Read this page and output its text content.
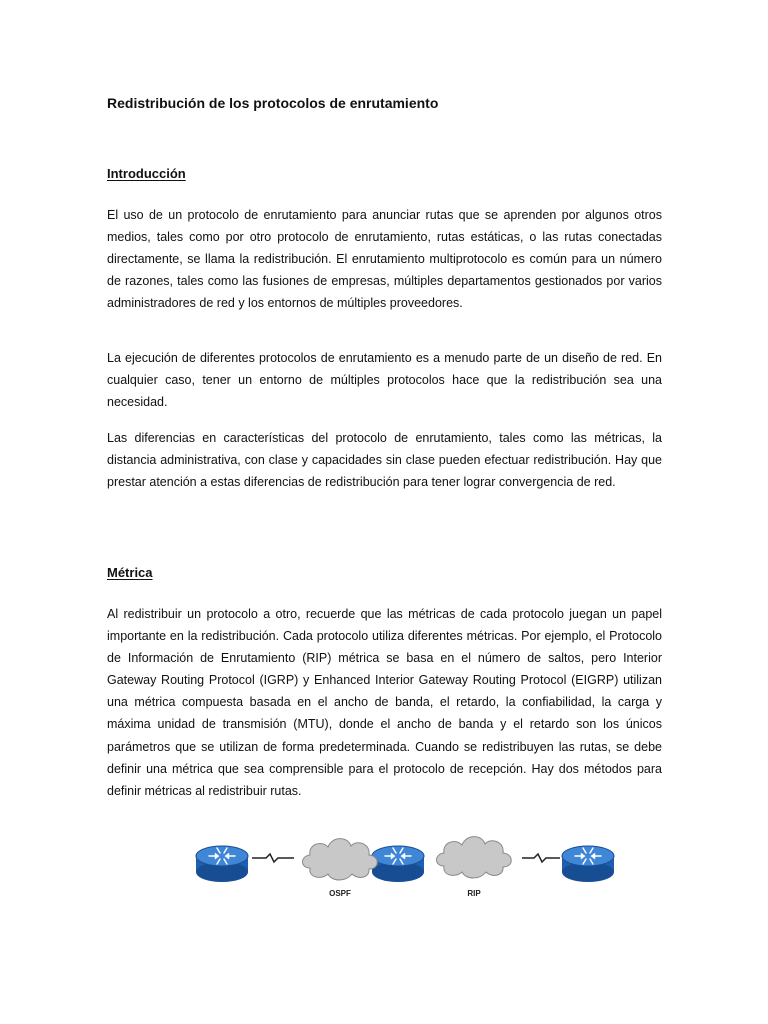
Redistribución de los protocolos de enrutamiento
Introducción

El uso de un protocolo de enrutamiento para anunciar rutas que se aprenden por algunos otros medios, tales como por otro protocolo de enrutamiento, rutas estáticas, o las rutas conectadas directamente, se llama la redistribución. El enrutamiento multiprotocolo es común para un número de razones, tales como las fusiones de empresas, múltiples departamentos gestionados por varios administradores de red y los entornos de múltiples proveedores.

La ejecución de diferentes protocolos de enrutamiento es a menudo parte de un diseño de red. En cualquier caso, tener un entorno de múltiples protocolos hace que la redistribución sea una necesidad.

Las diferencias en características del protocolo de enrutamiento, tales como las métricas, la distancia administrativa, con clase y capacidades sin clase pueden efectuar redistribución. Hay que prestar atención a estas diferencias de redistribución para tener lograr convergencia de red.

Métrica

Al redistribuir un protocolo a otro, recuerde que las métricas de cada protocolo juegan un papel importante en la redistribución. Cada protocolo utiliza diferentes métricas. Por ejemplo, el Protocolo de Información de Enrutamiento (RIP) métrica se basa en el número de saltos, pero Interior Gateway Routing Protocol (IGRP) y Enhanced Interior Gateway Routing Protocol (EIGRP) utilizan una métrica compuesta basada en el ancho de banda, el retardo, la confiabilidad, la carga y máxima unidad de transmisión (MTU), donde el ancho de banda y el retardo son los únicos parámetros que se utilizan de forma predeterminada. Cuando se redistribuyen las rutas, se debe definir una métrica que sea comprensible para el protocolo de recepción. Hay dos métodos para definir métricas al redistribuir rutas.

OSPF	RIP
